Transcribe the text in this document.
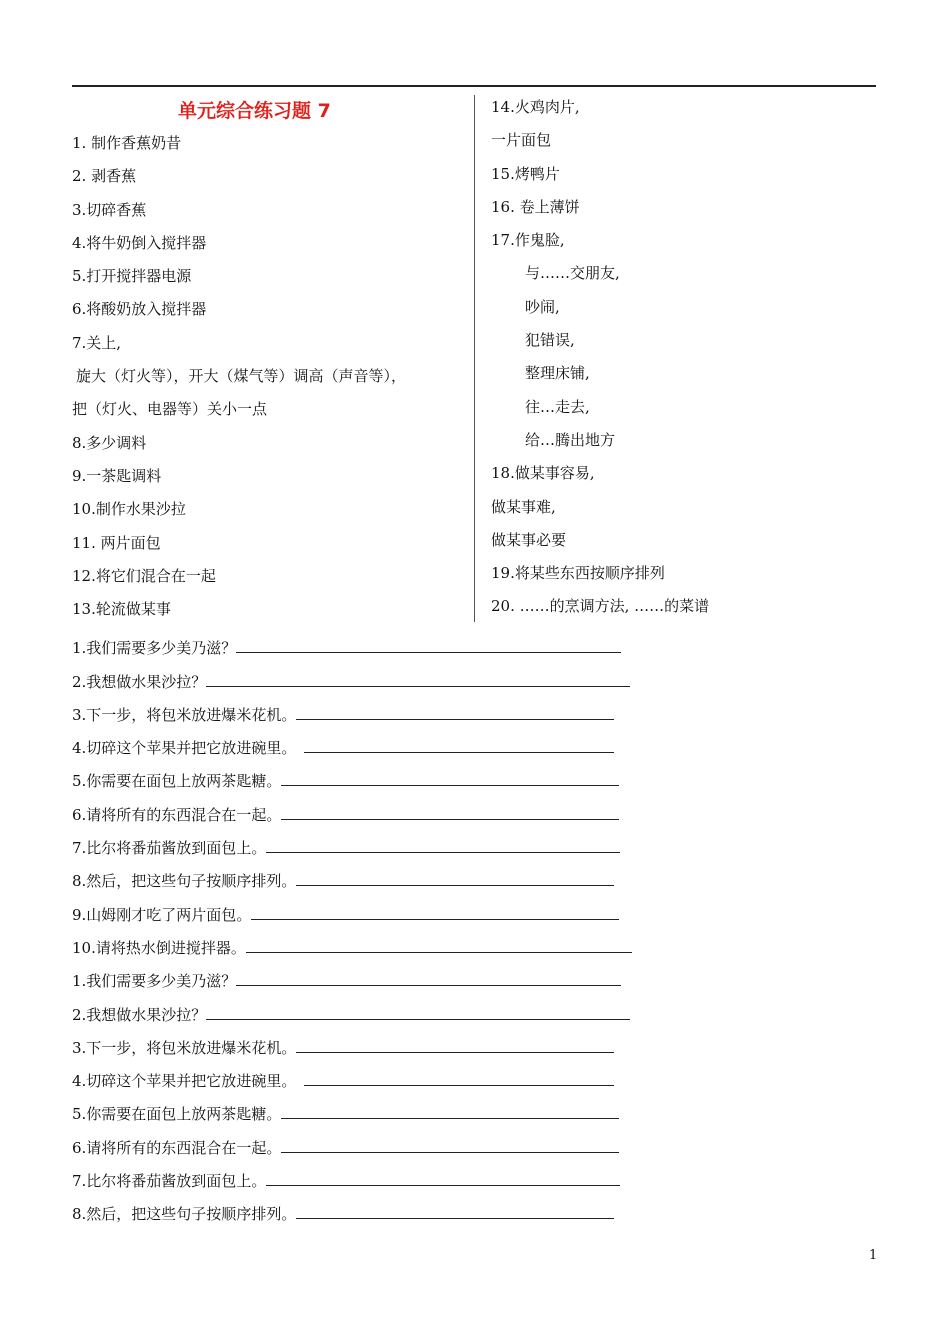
单元综合练习题 7
1. 制作香蕉奶昔
2. 剥香蕉
3.切碎香蕉
4.将牛奶倒入搅拌器
5.打开搅拌器电源
6.将酸奶放入搅拌器
7.关上,
旋大（灯火等），开大（煤气等）调高（声音等），
把（灯火、电器等）关小一点
8.多少调料
9.一茶匙调料
10.制作水果沙拉
11. 两片面包
12.将它们混合在一起
13.轮流做某事
14.火鸡肉片,
一片面包
15.烤鸭片
16. 卷上薄饼
17.作鬼脸,
与……交朋友,
吵闹,
犯错误,
整理床铺,
往…走去,
给…腾出地方
18.做某事容易,
做某事难,
做某事必要
19.将某些东西按顺序排列
20. ……的烹调方法, ……的菜谱
1.我们需要多少美乃滋？
2.我想做水果沙拉？
3.下一步，将包米放进爆米花机。
4.切碎这个苹果并把它放进碗里。
5.你需要在面包上放两茶匙糖。
6.请将所有的东西混合在一起。
7.比尔将番茄酱放到面包上。
8.然后，把这些句子按顺序排列。
9.山姆刚才吃了两片面包。
10.请将热水倒进搅拌器。
1.我们需要多少美乃滋？
2.我想做水果沙拉？
3.下一步，将包米放进爆米花机。
4.切碎这个苹果并把它放进碗里。
5.你需要在面包上放两茶匙糖。
6.请将所有的东西混合在一起。
7.比尔将番茄酱放到面包上。
8.然后，把这些句子按顺序排列。
1
